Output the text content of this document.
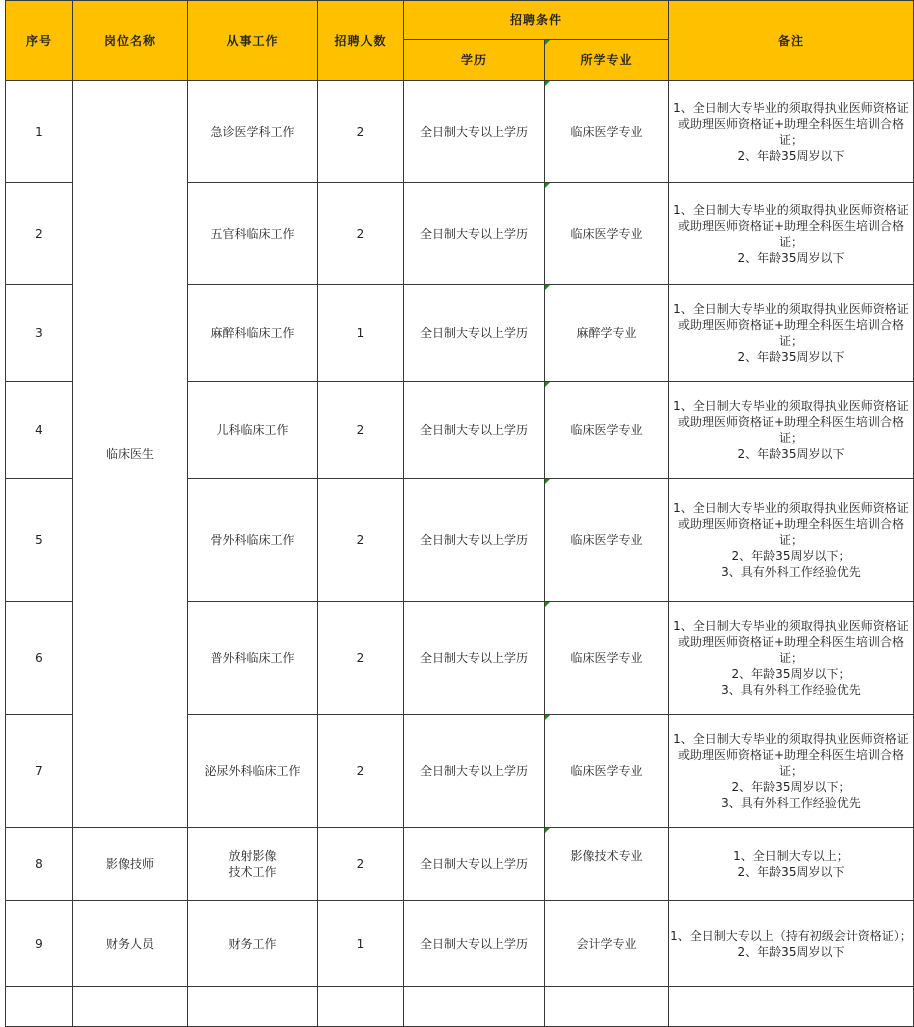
序号	岗位名称	从事工作	招聘人数	招聘条件		备注
				学历	所学专业	
1	临床医生	急诊医学科工作	2	全日制大专以上学历	临床医学专业	1、全日制大专毕业的须取得执业医师资格证或助理医师资格证+助理全科医生培训合格证；
2、年龄35周岁以下

2		五官科临床工作	2	全日制大专以上学历	临床医学专业	1、全日制大专毕业的须取得执业医师资格证或助理医师资格证+助理全科医生培训合格证；
2、年龄35周岁以下

3		麻醉科临床工作	1	全日制大专以上学历	麻醉学专业	1、全日制大专毕业的须取得执业医师资格证或助理医师资格证+助理全科医生培训合格证；
2、年龄35周岁以下

4		儿科临床工作	2	全日制大专以上学历	临床医学专业	1、全日制大专毕业的须取得执业医师资格证或助理医师资格证+助理全科医生培训合格证；
2、年龄35周岁以下

5		骨外科临床工作	2	全日制大专以上学历	临床医学专业	1、全日制大专毕业的须取得执业医师资格证或助理医师资格证+助理全科医生培训合格证；
2、年龄35周岁以下；
3、具有外科工作经验优先

6		普外科临床工作	2	全日制大专以上学历	临床医学专业	1、全日制大专毕业的须取得执业医师资格证或助理医师资格证+助理全科医生培训合格证；
2、年龄35周岁以下；
3、具有外科工作经验优先

7		泌尿外科临床工作	2	全日制大专以上学历	临床医学专业	1、全日制大专毕业的须取得执业医师资格证或助理医师资格证+助理全科医生培训合格证；
2、年龄35周岁以下；
3、具有外科工作经验优先

8	影像技师	放射影像
技术工作	2	全日制大专以上学历	影像技术专业	1、全日制大专以上；
2、年龄35周岁以下

9	财务人员	财务工作	1	全日制大专以上学历	会计学专业	1、全日制大专以上（持有初级会计资格证）；
2、年龄35周岁以下
